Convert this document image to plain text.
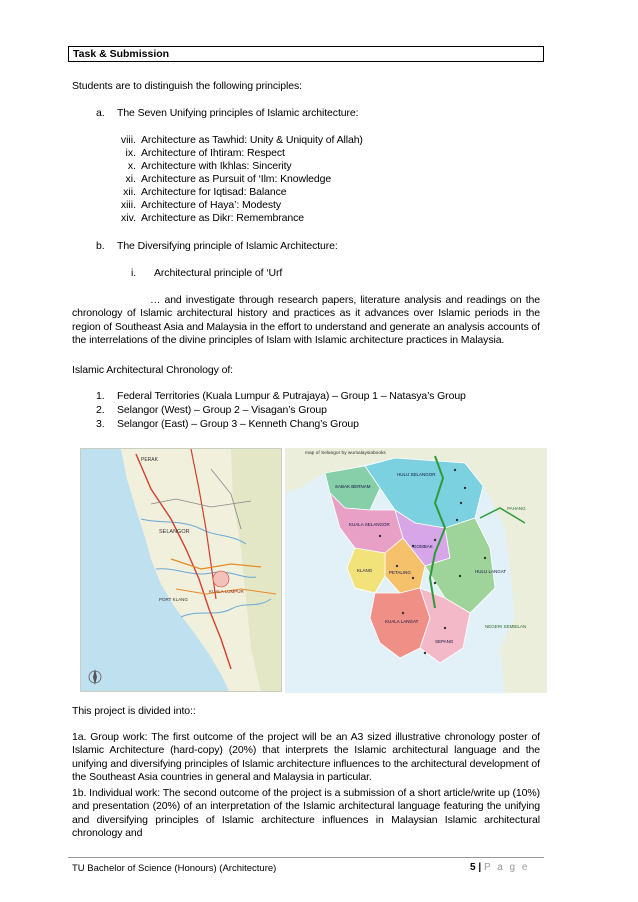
Task & Submission
Students are to distinguish the following principles:
a. The Seven Unifying principles of Islamic architecture:
viii. Architecture as Tawhid: Unity & Uniquity of Allah)
ix. Architecture of Ihtiram: Respect
x. Architecture with Ikhlas: Sincerity
xi. Architecture as Pursuit of ‘Ilm: Knowledge
xii. Architecture for Iqtisad: Balance
xiii. Architecture of Haya’: Modesty
xiv. Architecture as Dikr: Remembrance
b. The Diversifying principle of Islamic Architecture:
i. Architectural principle of ‘Urf
… and investigate through research papers, literature analysis and readings on the chronology of Islamic architectural history and practices as it advances over Islamic periods in the region of Southeast Asia and Malaysia in the effort to understand and generate an analysis accounts of the interrelations of the divine principles of Islam with Islamic architecture practices in Malaysia.
Islamic Architectural Chronology of:
1. Federal Territories (Kuala Lumpur & Putrajaya) – Group 1 – Natasya’s Group
2. Selangor (West) – Group 2 – Visagan’s Group
3. Selangor (East) – Group 3 – Kenneth Chang’s Group
PERAK
SELANGOR
KUALA LUMPUR
PORT KLANG
map of Selangor by wumalaysiabooks
SABAK BERNAM
HULU SELANGOR
KUALA SELANGOR
GOMBAK
PETALING	HULU LANGAT
KLANG
KUALA LANGAT
SEPANG
PAHANG
NEGERI SEMBILAN
This project is divided into::
1a. Group work: The first outcome of the project will be an A3 sized illustrative chronology poster of Islamic Architecture (hard-copy) (20%) that interprets the Islamic architectural language and the unifying and diversifying principles of Islamic architecture influences to the architectural development of the Southeast Asia countries in general and Malaysia in particular.
1b. Individual work: The second outcome of the project is a submission of a short article/write up (10%) and presentation (20%) of an interpretation of the Islamic architectural language featuring the unifying and diversifying principles of Islamic architecture influences in Malaysian Islamic architectural chronology and
TU Bachelor of Science (Honours) (Architecture)	5 | P a g e
